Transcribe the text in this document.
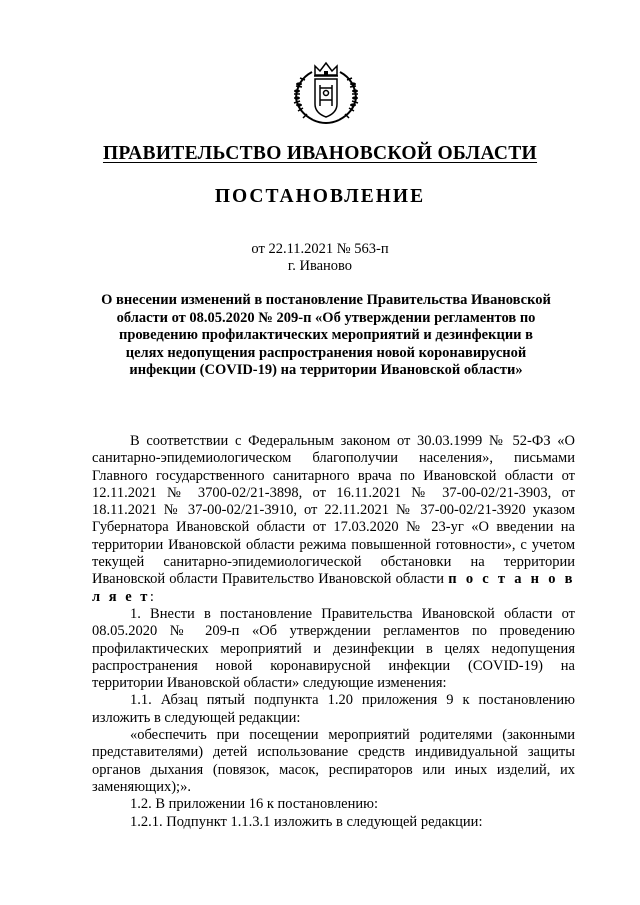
ПРАВИТЕЛЬСТВО ИВАНОВСКОЙ ОБЛАСТИ
ПОСТАНОВЛЕНИЕ
от 22.11.2021 № 563-п
г. Иваново
О внесении изменений в постановление Правительства Ивановской области от 08.05.2020 № 209-п «Об утверждении регламентов по проведению профилактических мероприятий и дезинфекции в целях недопущения распространения новой коронавирусной инфекции (COVID-19) на территории Ивановской области»

В соответствии с Федеральным законом от 30.03.1999 № 52-ФЗ «О санитарно-эпидемиологическом благополучии населения», письмами Главного государственного санитарного врача по Ивановской области от 12.11.2021 № 3700-02/21-3898, от 16.11.2021 № 37-00-02/21-3903, от 18.11.2021 № 37-00-02/21-3910, от 22.11.2021 № 37-00-02/21-3920 указом Губернатора Ивановской области от 17.03.2020 № 23-уг «О введении на территории Ивановской области режима повышенной готовности», с учетом текущей санитарно-эпидемиологической обстановки на территории Ивановской области Правительство Ивановской области п о с т а н о в л я е т:

1. Внести в постановление Правительства Ивановской области от 08.05.2020 № 209-п «Об утверждении регламентов по проведению профилактических мероприятий и дезинфекции в целях недопущения распространения новой коронавирусной инфекции (COVID-19) на территории Ивановской области» следующие изменения:

1.1. Абзац пятый подпункта 1.20 приложения 9 к постановлению изложить в следующей редакции:

«обеспечить при посещении мероприятий родителями (законными представителями) детей использование средств индивидуальной защиты органов дыхания (повязок, масок, респираторов или иных изделий, их заменяющих);».

1.2. В приложении 16 к постановлению:

1.2.1. Подпункт 1.1.3.1 изложить в следующей редакции:
